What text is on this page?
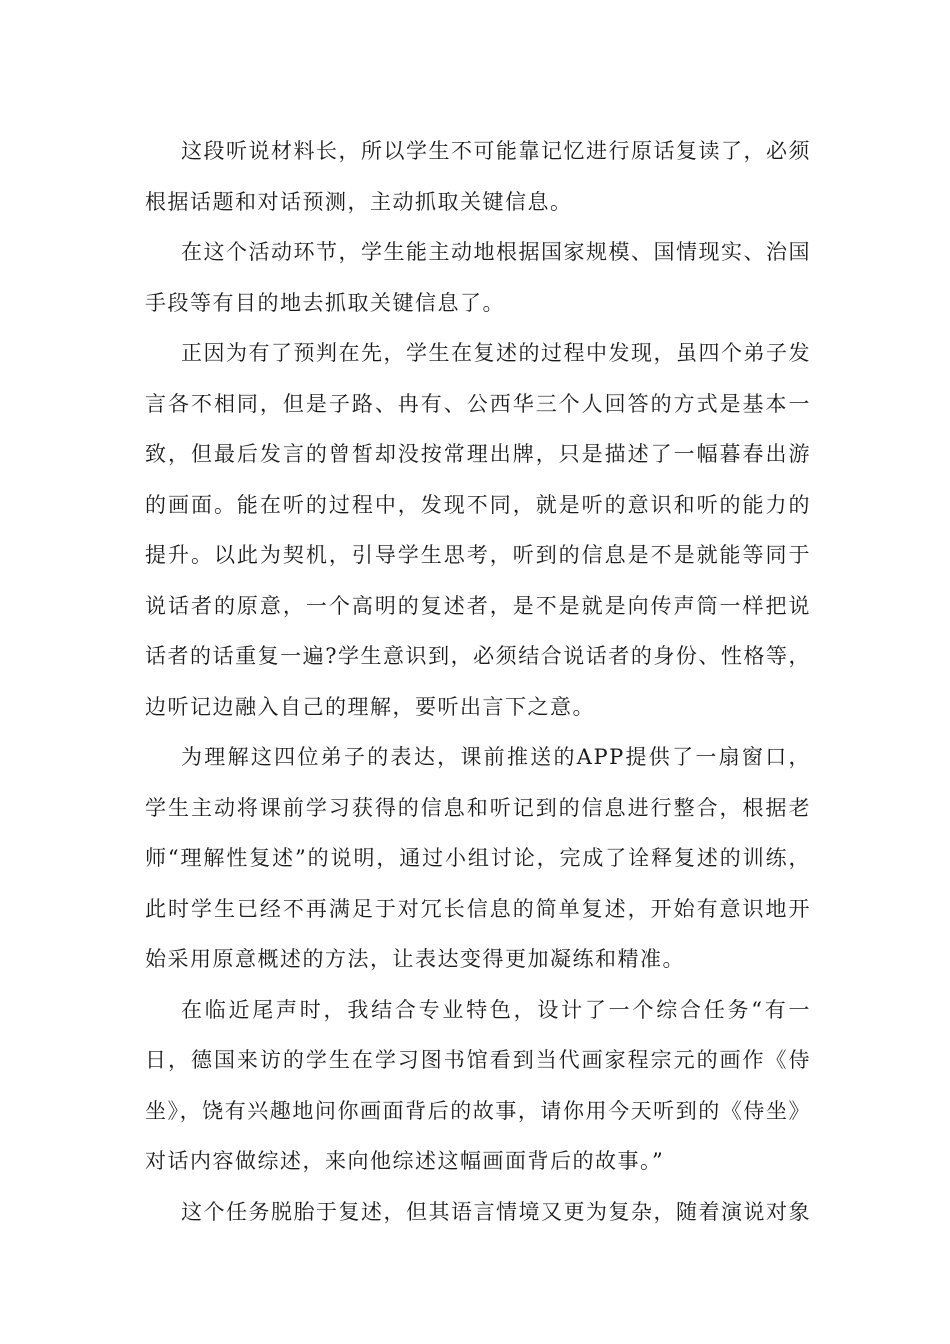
这段听说材料长，所以学生不可能靠记忆进行原话复读了，必须根据话题和对话预测，主动抓取关键信息。

在这个活动环节，学生能主动地根据国家规模、国情现实、治国手段等有目的地去抓取关键信息了。

正因为有了预判在先，学生在复述的过程中发现，虽四个弟子发言各不相同，但是子路、冉有、公西华三个人回答的方式是基本一致，但最后发言的曾皙却没按常理出牌，只是描述了一幅暮春出游的画面。能在听的过程中，发现不同，就是听的意识和听的能力的提升。以此为契机，引导学生思考，听到的信息是不是就能等同于说话者的原意，一个高明的复述者，是不是就是向传声筒一样把说话者的话重复一遍?学生意识到，必须结合说话者的身份、性格等，边听记边融入自己的理解，要听出言下之意。

为理解这四位弟子的表达，课前推送的APP提供了一扇窗口，学生主动将课前学习获得的信息和听记到的信息进行整合，根据老师“理解性复述”的说明，通过小组讨论，完成了诠释复述的训练，此时学生已经不再满足于对冗长信息的简单复述，开始有意识地开始采用原意概述的方法，让表达变得更加凝练和精准。

在临近尾声时，我结合专业特色，设计了一个综合任务“有一日，德国来访的学生在学习图书馆看到当代画家程宗元的画作《侍坐》，饶有兴趣地问你画面背后的故事，请你用今天听到的《侍坐》对话内容做综述，来向他综述这幅画面背后的故事。”

这个任务脱胎于复述，但其语言情境又更为复杂，随着演说对象
